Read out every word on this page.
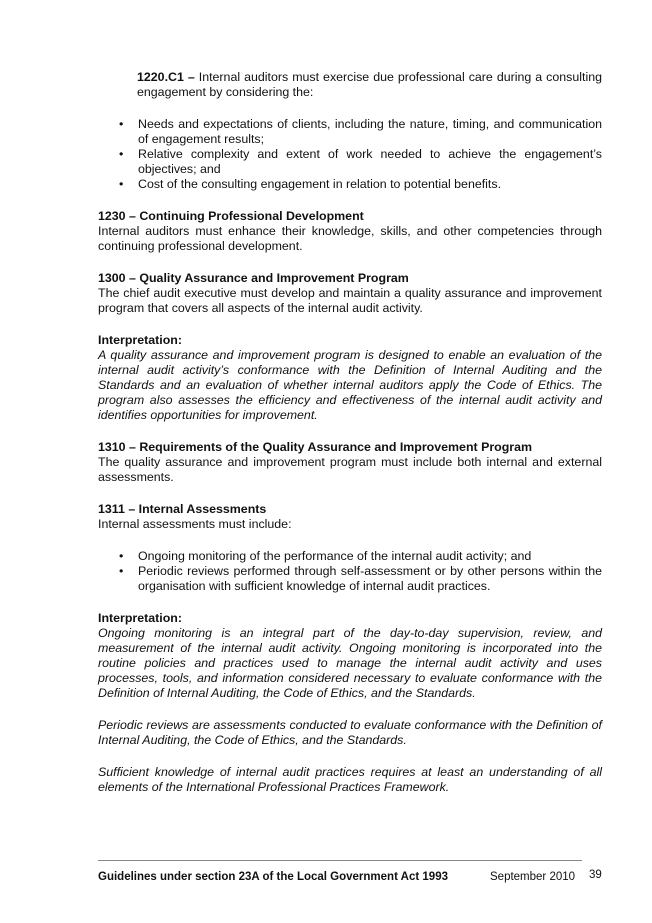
1220.C1 – Internal auditors must exercise due professional care during a consulting engagement by considering the:

• Needs and expectations of clients, including the nature, timing, and communication of engagement results;
• Relative complexity and extent of work needed to achieve the engagement’s objectives; and
• Cost of the consulting engagement in relation to potential benefits.
1230 – Continuing Professional Development

Internal auditors must enhance their knowledge, skills, and other competencies through continuing professional development.

1300 – Quality Assurance and Improvement Program

The chief audit executive must develop and maintain a quality assurance and improvement program that covers all aspects of the internal audit activity.

Interpretation:

A quality assurance and improvement program is designed to enable an evaluation of the internal audit activity’s conformance with the Definition of Internal Auditing and the Standards and an evaluation of whether internal auditors apply the Code of Ethics. The program also assesses the efficiency and effectiveness of the internal audit activity and identifies opportunities for improvement.

1310 – Requirements of the Quality Assurance and Improvement Program

The quality assurance and improvement program must include both internal and external assessments.

1311 – Internal Assessments

Internal assessments must include:

• Ongoing monitoring of the performance of the internal audit activity; and
• Periodic reviews performed through self-assessment or by other persons within the organisation with sufficient knowledge of internal audit practices.

Interpretation:

Ongoing monitoring is an integral part of the day-to-day supervision, review, and measurement of the internal audit activity. Ongoing monitoring is incorporated into the routine policies and practices used to manage the internal audit activity and uses processes, tools, and information considered necessary to evaluate conformance with the Definition of Internal Auditing, the Code of Ethics, and the Standards.

Periodic reviews are assessments conducted to evaluate conformance with the Definition of Internal Auditing, the Code of Ethics, and the Standards.

Sufficient knowledge of internal audit practices requires at least an understanding of all elements of the International Professional Practices Framework.

Guidelines under section 23A of the Local Government Act 1993	September 2010 39
